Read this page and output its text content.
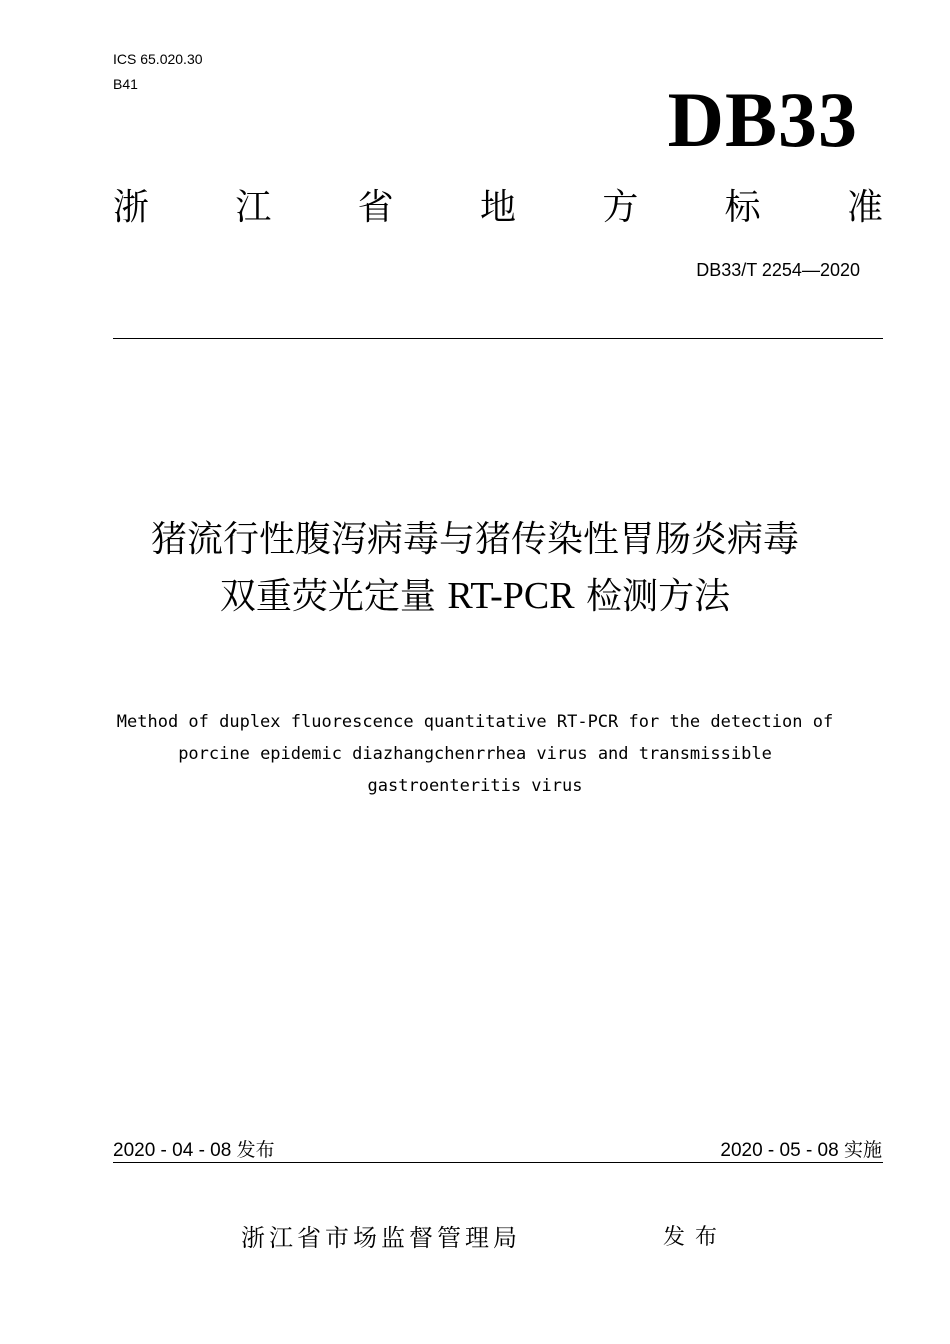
ICS 65.020.30
B41	DB33
浙 江 省 地 方 标 准
DB33/T 2254—2020
猪流行性腹泻病毒与猪传染性胃肠炎病毒
双重荧光定量 RT-PCR 检测方法
Method of duplex fluorescence quantitative RT-PCR for the detection of
porcine epidemic diazhangchenrrhea virus and transmissible
gastroenteritis virus
2020 - 04 - 08 发布	2020 - 05 - 08 实施
浙江省市场监督管理局	发布
